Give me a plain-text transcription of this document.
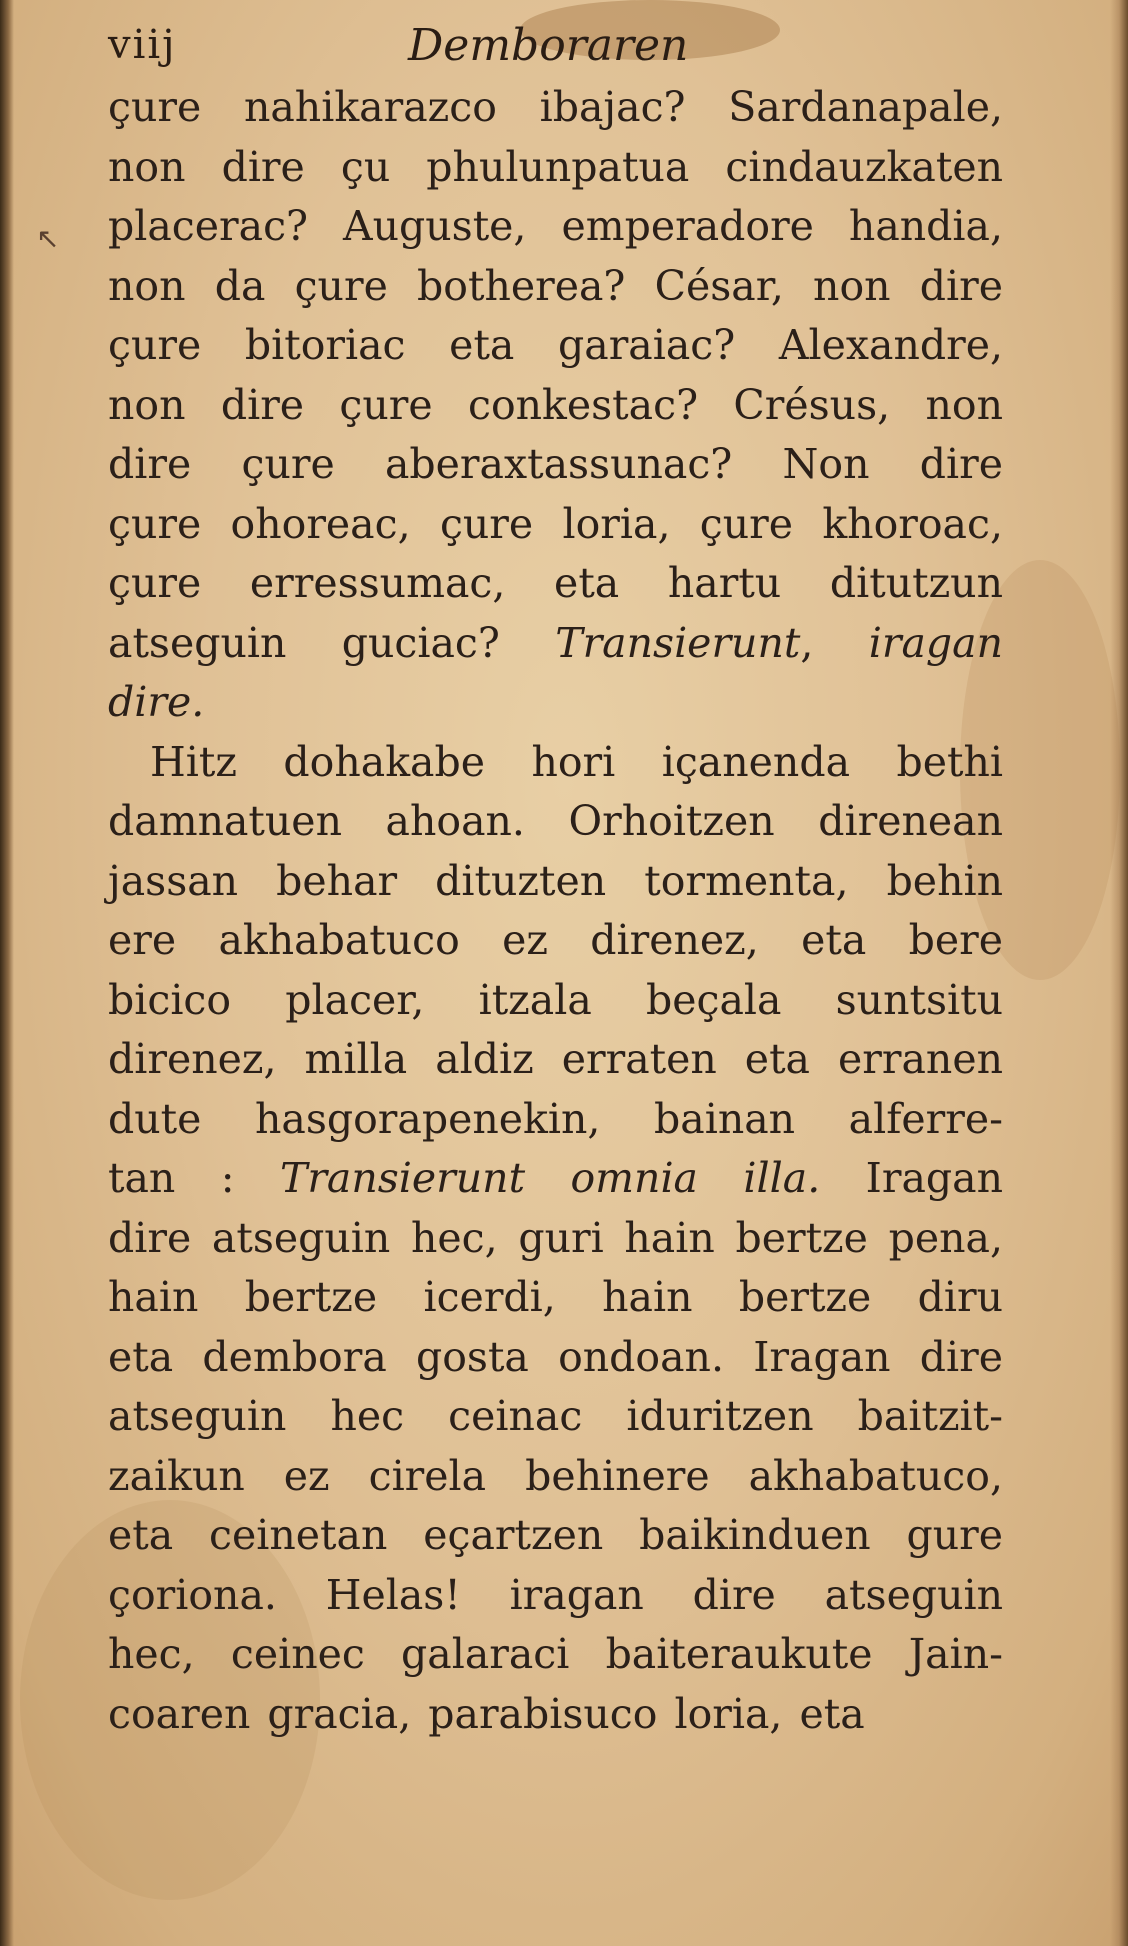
viij	Demboraren
↖
çure nahikarazco ibajac? Sardanapale,
non dire çu phulunpatua cindauzkaten
placerac? Auguste, emperadore handia,
non da çure botherea? César, non dire
çure bitoriac eta garaiac? Alexandre,
non dire çure conkestac? Crésus, non
dire çure aberaxtassunac? Non dire
çure ohoreac, çure loria, çure khoroac,
çure erressumac, eta hartu ditutzun
atseguin guciac? Transierunt, iragan
dire.
Hitz dohakabe hori içanenda bethi
damnatuen ahoan. Orhoitzen direnean
jassan behar dituzten tormenta, behin
ere akhabatuco ez direnez, eta bere
bicico placer, itzala beçala suntsitu
direnez, milla aldiz erraten eta erranen
dute hasgorapenekin, bainan alferre-
tan : Transierunt omnia illa. Iragan
dire atseguin hec, guri hain bertze pena,
hain bertze icerdi, hain bertze diru
eta dembora gosta ondoan. Iragan dire
atseguin hec ceinac iduritzen baitzit-
zaikun ez cirela behinere akhabatuco,
eta ceinetan eçartzen baikinduen gure
çoriona. Helas! iragan dire atseguin
hec, ceinec galaraci baiteraukute Jain-
coaren gracia, parabisuco loria, eta
